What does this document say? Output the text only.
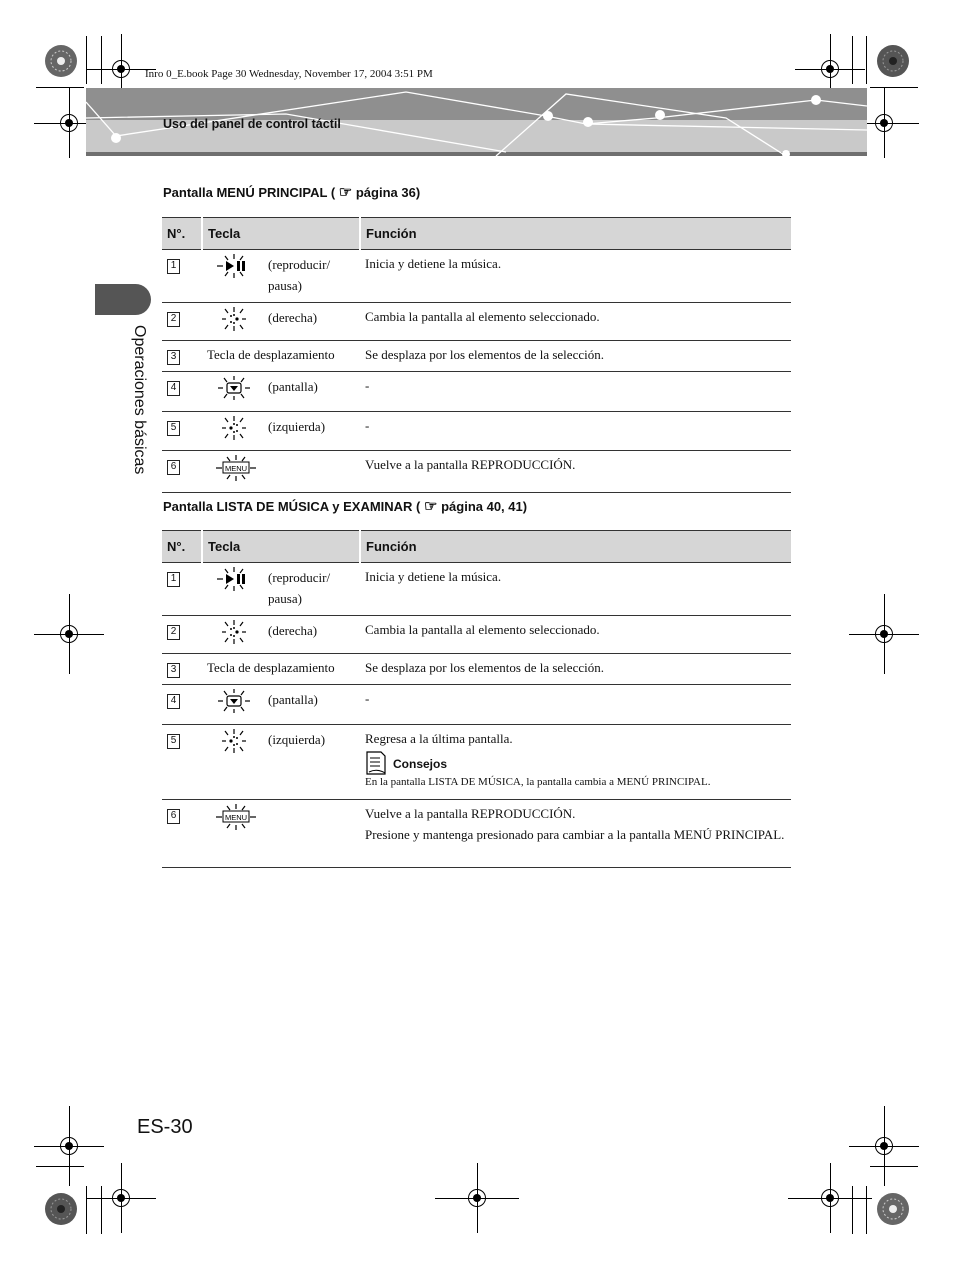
Inro 0_E.book Page 30 Wednesday, November 17, 2004 3:51 PM
Uso del panel de control táctil
Operaciones básicas
Pantalla MENÚ PRINCIPAL ( ☞ página 36)
N°.	Tecla	Función
1	(reproducir/ pausa)	Inicia y detiene la música.
2	(derecha)	Cambia la pantalla al elemento seleccionado.
3	Tecla de desplazamiento	Se desplaza por los elementos de la selección.
4	(pantalla)	-
5	(izquierda)	-
6	MENU	Vuelve a la pantalla REPRODUCCIÓN.
Pantalla LISTA DE MÚSICA y EXAMINAR ( ☞ página 40, 41)
N°.	Tecla	Función
1	(reproducir/ pausa)	Inicia y detiene la música.
2	(derecha)	Cambia la pantalla al elemento seleccionado.
3	Tecla de desplazamiento	Se desplaza por los elementos de la selección.
4	(pantalla)	-
5	(izquierda)	Regresa a la última pantalla.
Consejos
En la pantalla LISTA DE MÚSICA, la pantalla cambia a MENÚ PRINCIPAL.

6	MENU	Vuelve a la pantalla REPRODUCCIÓN.
Presione y mantenga presionado para cambiar a la pantalla MENÚ PRINCIPAL.
ES-30
